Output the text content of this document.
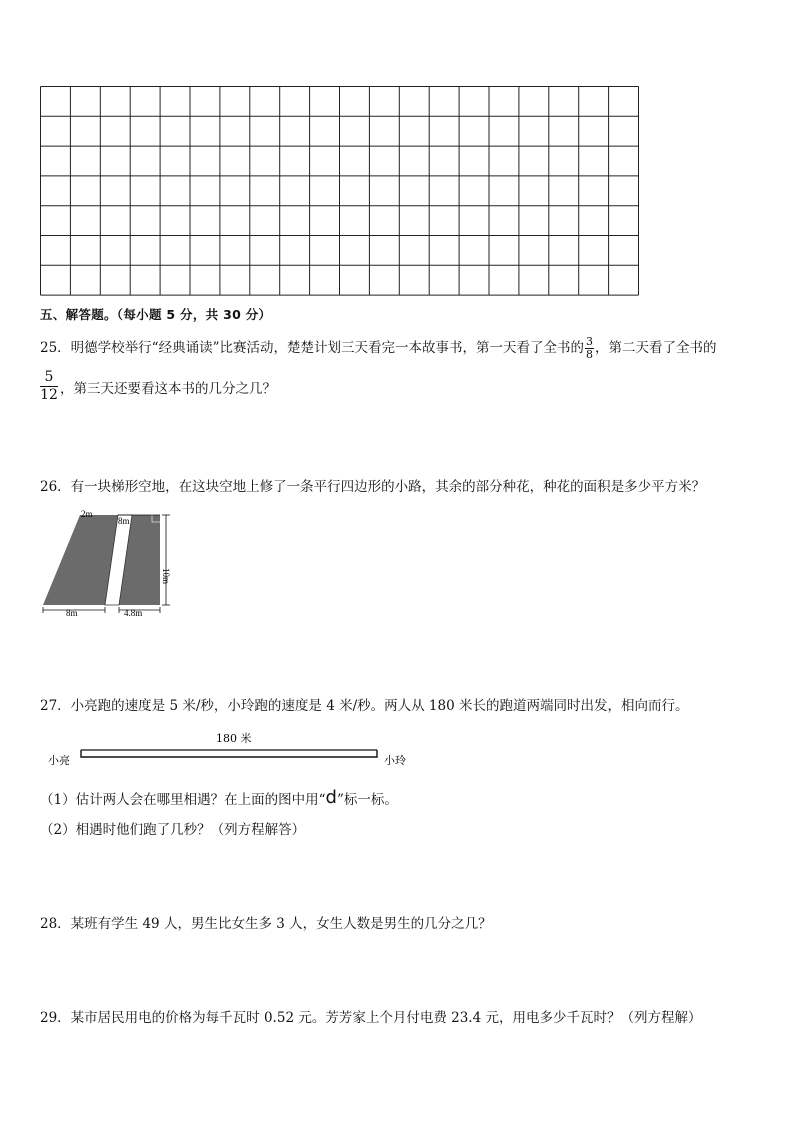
五、解答题。（每小题 5 分，共 30 分）
25．明德学校举行“经典诵读”比赛活动，楚楚计划三天看完一本故事书，第一天看了全书的 $\frac{3}{8}$ ，第二天看了全书的
$\frac{5}{12}$ ，第三天还要看这本书的几分之几？
26．有一块梯形空地，在这块空地上修了一条平行四边形的小路，其余的部分种花，种花的面积是多少平方米？
2m
8m
10m
8m	4.8m
27．小亮跑的速度是 5 米/秒，小玲跑的速度是 4 米/秒。两人从 180 米长的跑道两端同时出发，相向而行。
180 米
小亮	小玲
（1）估计两人会在哪里相遇？在上面的图中用“d”标一标。
（2）相遇时他们跑了几秒？（列方程解答）
28．某班有学生 49 人，男生比女生多 3 人，女生人数是男生的几分之几？
29．某市居民用电的价格为每千瓦时 0.52 元。芳芳家上个月付电费 23.4 元，用电多少千瓦时？（列方程解）
